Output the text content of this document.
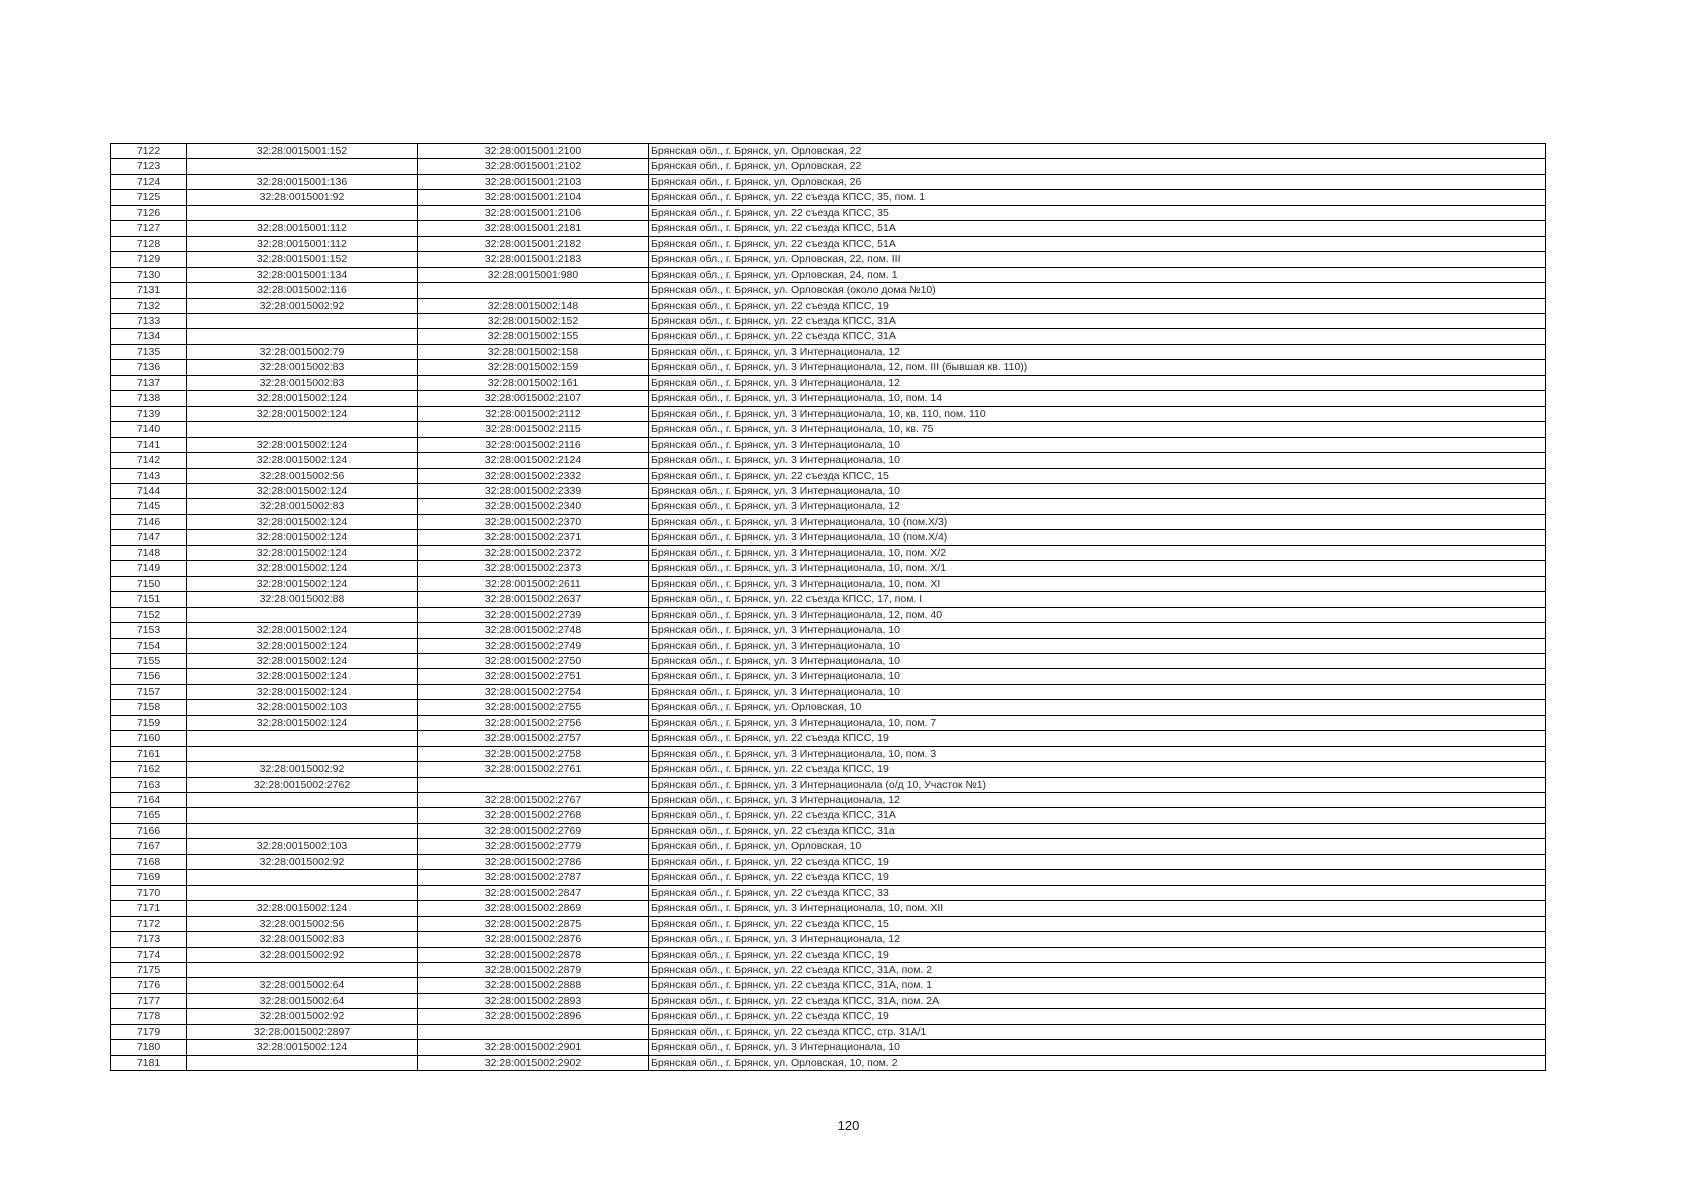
7122	32:28:0015001:152	32:28:0015001:2100	Брянская обл., г. Брянск, ул. Орловская, 22
7123		32:28:0015001:2102	Брянская обл., г. Брянск, ул. Орловская, 22
7124	32:28:0015001:136	32:28:0015001:2103	Брянская обл., г. Брянск, ул. Орловская, 26
7125	32:28:0015001:92	32:28:0015001:2104	Брянская обл., г. Брянск, ул. 22 съезда КПСС, 35, пом. 1
7126		32:28:0015001:2106	Брянская обл., г. Брянск, ул. 22 съезда КПСС, 35
7127	32:28:0015001:112	32:28:0015001:2181	Брянская обл., г. Брянск, ул. 22 съезда КПСС, 51А
7128	32:28:0015001:112	32:28:0015001:2182	Брянская обл., г. Брянск, ул. 22 съезда КПСС, 51А
7129	32:28:0015001:152	32:28:0015001:2183	Брянская обл., г. Брянск, ул. Орловская, 22, пом. III
7130	32:28:0015001:134	32:28:0015001:980	Брянская обл., г. Брянск, ул. Орловская, 24, пом. 1
7131	32:28:0015002:116		Брянская обл., г. Брянск, ул. Орловская (около дома №10)
7132	32:28:0015002:92	32:28:0015002:148	Брянская обл., г. Брянск, ул. 22 съезда КПСС, 19
7133		32:28:0015002:152	Брянская обл., г. Брянск, ул. 22 съезда КПСС, 31А
7134		32:28:0015002:155	Брянская обл., г. Брянск, ул. 22 съезда КПСС, 31А
7135	32:28:0015002:79	32:28:0015002:158	Брянская обл., г. Брянск, ул. 3 Интернационала, 12
7136	32:28:0015002:83	32:28:0015002:159	Брянская обл., г. Брянск, ул. 3 Интернационала, 12, пом. III (бывшая кв. 110))
7137	32:28:0015002:83	32:28:0015002:161	Брянская обл., г. Брянск, ул. 3 Интернационала, 12
7138	32:28:0015002:124	32:28:0015002:2107	Брянская обл., г. Брянск, ул. 3 Интернационала, 10, пом. 14
7139	32:28:0015002:124	32:28:0015002:2112	Брянская обл., г. Брянск, ул. 3 Интернационала, 10, кв. 110, пом. 110
7140		32:28:0015002:2115	Брянская обл., г. Брянск, ул. 3 Интернационала, 10, кв. 75
7141	32:28:0015002:124	32:28:0015002:2116	Брянская обл., г. Брянск, ул. 3 Интернационала, 10
7142	32:28:0015002:124	32:28:0015002:2124	Брянская обл., г. Брянск, ул. 3 Интернационала, 10
7143	32:28:0015002:56	32:28:0015002:2332	Брянская обл., г. Брянск, ул. 22 съезда КПСС, 15
7144	32:28:0015002:124	32:28:0015002:2339	Брянская обл., г. Брянск, ул. 3 Интернационала, 10
7145	32:28:0015002:83	32:28:0015002:2340	Брянская обл., г. Брянск, ул. 3 Интернационала, 12
7146	32:28:0015002:124	32:28:0015002:2370	Брянская обл., г. Брянск, ул. 3 Интернационала, 10 (пом.X/3)
7147	32:28:0015002:124	32:28:0015002:2371	Брянская обл., г. Брянск, ул. 3 Интернационала, 10 (пом.X/4)
7148	32:28:0015002:124	32:28:0015002:2372	Брянская обл., г. Брянск, ул. 3 Интернационала, 10, пом. X/2
7149	32:28:0015002:124	32:28:0015002:2373	Брянская обл., г. Брянск, ул. 3 Интернационала, 10, пом. X/1
7150	32:28:0015002:124	32:28:0015002:2611	Брянская обл., г. Брянск, ул. 3 Интернационала, 10, пом. XI
7151	32:28:0015002:88	32:28:0015002:2637	Брянская обл., г. Брянск, ул. 22 съезда КПСС, 17, пом. I
7152		32:28:0015002:2739	Брянская обл., г. Брянск, ул. 3 Интернационала, 12, пом. 40
7153	32:28:0015002:124	32:28:0015002:2748	Брянская обл., г. Брянск, ул. 3 Интернационала, 10
7154	32:28:0015002:124	32:28:0015002:2749	Брянская обл., г. Брянск, ул. 3 Интернационала, 10
7155	32:28:0015002:124	32:28:0015002:2750	Брянская обл., г. Брянск, ул. 3 Интернационала, 10
7156	32:28:0015002:124	32:28:0015002:2751	Брянская обл., г. Брянск, ул. 3 Интернационала, 10
7157	32:28:0015002:124	32:28:0015002:2754	Брянская обл., г. Брянск, ул. 3 Интернационала, 10
7158	32:28:0015002:103	32:28:0015002:2755	Брянская обл., г. Брянск, ул. Орловская, 10
7159	32:28:0015002:124	32:28:0015002:2756	Брянская обл., г. Брянск, ул. 3 Интернационала, 10, пом. 7
7160		32:28:0015002:2757	Брянская обл., г. Брянск, ул. 22 съезда КПСС, 19
7161		32:28:0015002:2758	Брянская обл., г. Брянск, ул. 3 Интернационала, 10, пом. 3
7162	32:28:0015002:92	32:28:0015002:2761	Брянская обл., г. Брянск, ул. 22 съезда КПСС, 19
7163	32:28:0015002:2762		Брянская обл., г. Брянск, ул. 3 Интернационала (о/д 10, Участок №1)
7164		32:28:0015002:2767	Брянская обл., г. Брянск, ул. 3 Интернационала, 12
7165		32:28:0015002:2768	Брянская обл., г. Брянск, ул. 22 съезда КПСС, 31А
7166		32:28:0015002:2769	Брянская обл., г. Брянск, ул. 22 съезда КПСС, 31а
7167	32:28:0015002:103	32:28:0015002:2779	Брянская обл., г. Брянск, ул. Орловская, 10
7168	32:28:0015002:92	32:28:0015002:2786	Брянская обл., г. Брянск, ул. 22 съезда КПСС, 19
7169		32:28:0015002:2787	Брянская обл., г. Брянск, ул. 22 съезда КПСС, 19
7170		32:28:0015002:2847	Брянская обл., г. Брянск, ул. 22 съезда КПСС, 33
7171	32:28:0015002:124	32:28:0015002:2869	Брянская обл., г. Брянск, ул. 3 Интернационала, 10, пом. XII
7172	32:28:0015002:56	32:28:0015002:2875	Брянская обл., г. Брянск, ул. 22 съезда КПСС, 15
7173	32:28:0015002:83	32:28:0015002:2876	Брянская обл., г. Брянск, ул. 3 Интернационала, 12
7174	32:28:0015002:92	32:28:0015002:2878	Брянская обл., г. Брянск, ул. 22 съезда КПСС, 19
7175		32:28:0015002:2879	Брянская обл., г. Брянск, ул. 22 съезда КПСС, 31А, пом. 2
7176	32:28:0015002:64	32:28:0015002:2888	Брянская обл., г. Брянск, ул. 22 съезда КПСС, 31А, пом. 1
7177	32:28:0015002:64	32:28:0015002:2893	Брянская обл., г. Брянск, ул. 22 съезда КПСС, 31А, пом. 2А
7178	32:28:0015002:92	32:28:0015002:2896	Брянская обл., г. Брянск, ул. 22 съезда КПСС, 19
7179	32:28:0015002:2897		Брянская обл., г. Брянск, ул. 22 съезда КПСС, стр. 31А/1
7180	32:28:0015002:124	32:28:0015002:2901	Брянская обл., г. Брянск, ул. 3 Интернационала, 10
7181		32:28:0015002:2902	Брянская обл., г. Брянск, ул. Орловская, 10, пом. 2
120
